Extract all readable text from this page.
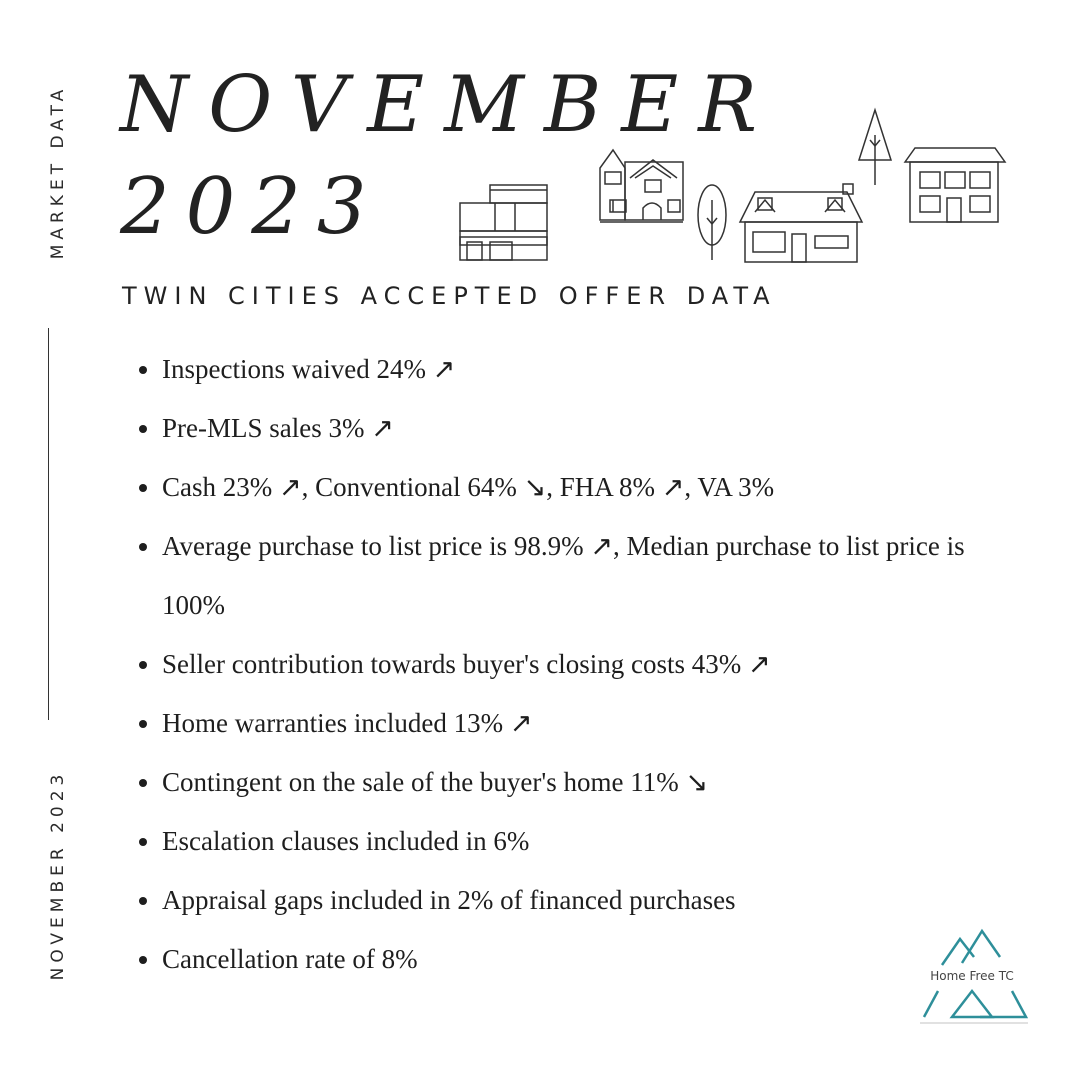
MARKET DATA
NOVEMBER 2023
NOVEMBER
2023
TWIN CITIES ACCEPTED OFFER DATA
• Inspections waived 24% ↗
• Pre-MLS sales 3% ↗
• Cash 23% ↗, Conventional 64% ↘, FHA 8% ↗, VA 3%
• Average purchase to list price is 98.9% ↗, Median purchase to list price is 100%
• Seller contribution towards buyer's closing costs 43% ↗
• Home warranties included 13% ↗
• Contingent on the sale of the buyer's home 11% ↘
• Escalation clauses included in 6%
• Appraisal gaps included in 2% of financed purchases
• Cancellation rate of 8%
Home Free TC
